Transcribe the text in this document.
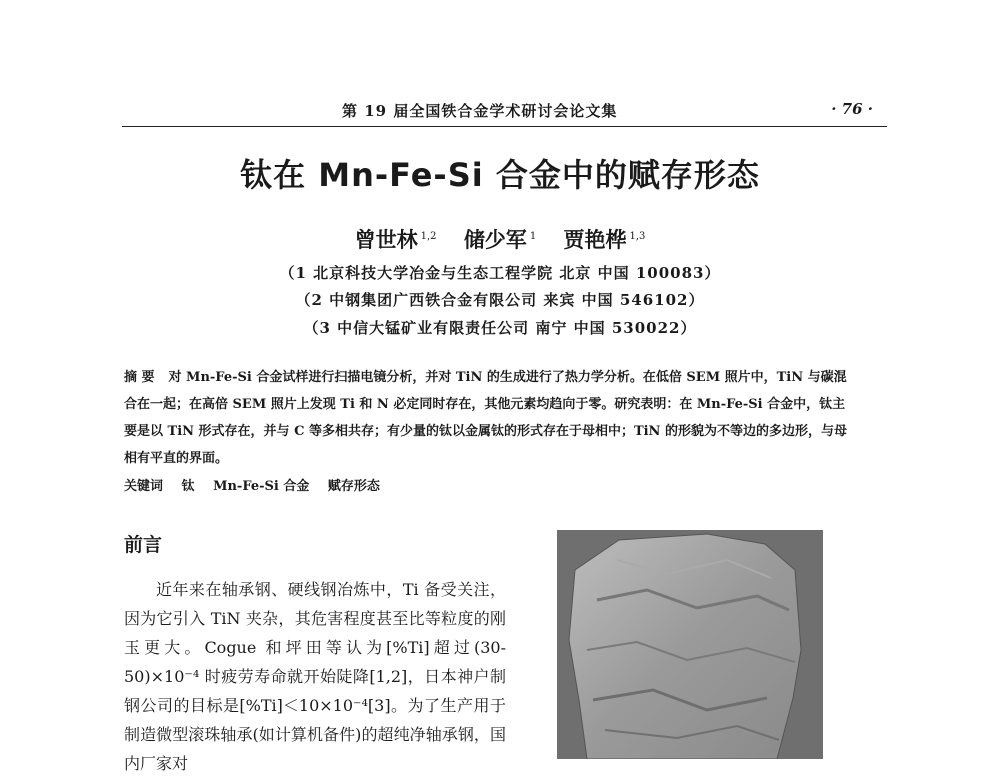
第 19 届全国铁合金学术研讨会论文集	· 76 ·
钛在 Mn-Fe-Si 合金中的赋存形态
曾世林 $^{1,2}$ 储少军 $^1$ 贾艳桦 $^{1,3}$
（1 北京科技大学冶金与生态工程学院 北京 中国 100083）
（2 中钢集团广西铁合金有限公司 来宾 中国 546102）
（3 中信大锰矿业有限责任公司 南宁 中国 530022）
摘 要 对 Mn-Fe-Si 合金试样进行扫描电镜分析，并对 TiN 的生成进行了热力学分析。在低倍 SEM 照片中，TiN 与碳混合在一起；在高倍 SEM 照片上发现 Ti 和 N 必定同时存在，其他元素均趋向于零。研究表明：在 Mn-Fe-Si 合金中，钛主要是以 TiN 形式存在，并与 C 等多相共存；有少量的钛以金属钛的形式存在于母相中；TiN 的形貌为不等边的多边形，与母相有平直的界面。
关键词 钛 Mn-Fe-Si 合金 赋存形态
前言
近年来在轴承钢、硬线钢冶炼中，Ti 备受关注，因为它引入 TiN 夹杂，其危害程度甚至比等粒度的刚玉更大。Cogue 和坪田等认为[%Ti]超过(30-50)×10⁻⁴ 时疲劳寿命就开始陡降[1,2]，日本神户制钢公司的目标是[%Ti]＜10×10⁻⁴[3]。为了生产用于制造微型滚珠轴承(如计算机备件)的超纯净轴承钢，国内厂家对
